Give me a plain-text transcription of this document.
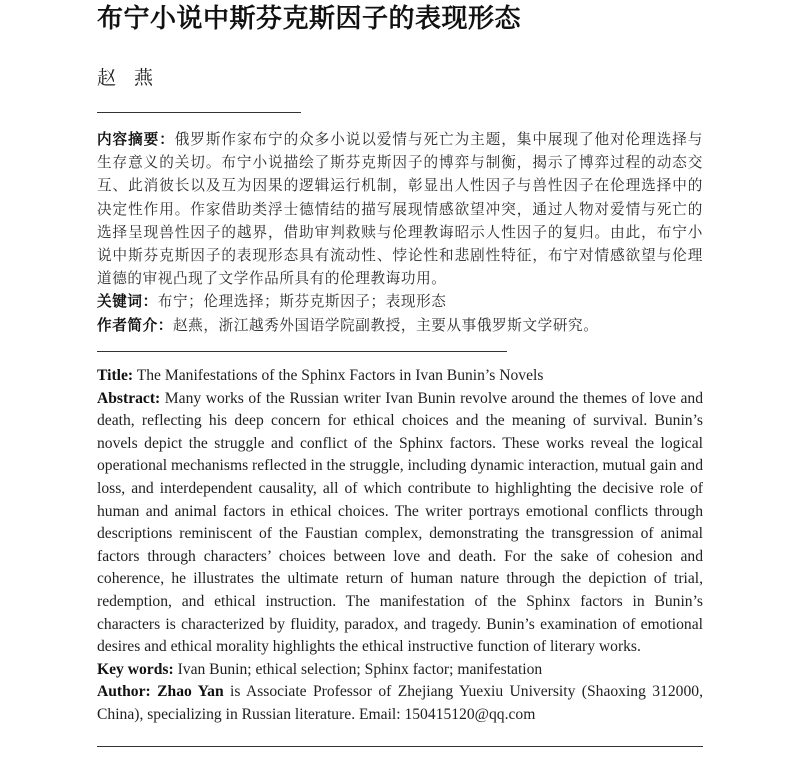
布宁小说中斯芬克斯因子的表现形态
赵燕

内容摘要：俄罗斯作家布宁的众多小说以爱情与死亡为主题，集中展现了他对伦理选择与生存意义的关切。布宁小说描绘了斯芬克斯因子的博弈与制衡，揭示了博弈过程的动态交互、此消彼长以及互为因果的逻辑运行机制，彰显出人性因子与兽性因子在伦理选择中的决定性作用。作家借助类浮士德情结的描写展现情感欲望冲突，通过人物对爱情与死亡的选择呈现兽性因子的越界，借助审判救赎与伦理教诲昭示人性因子的复归。由此，布宁小说中斯芬克斯因子的表现形态具有流动性、悖论性和悲剧性特征，布宁对情感欲望与伦理道德的审视凸现了文学作品所具有的伦理教诲功用。

关键词：布宁；伦理选择；斯芬克斯因子；表现形态

作者简介：赵燕，浙江越秀外国语学院副教授，主要从事俄罗斯文学研究。

Title: The Manifestations of the Sphinx Factors in Ivan Bunin’s Novels

Abstract: Many works of the Russian writer Ivan Bunin revolve around the themes of love and death, reflecting his deep concern for ethical choices and the meaning of survival. Bunin’s novels depict the struggle and conflict of the Sphinx factors. These works reveal the logical operational mechanisms reflected in the struggle, including dynamic interaction, mutual gain and loss, and interdependent causality, all of which contribute to highlighting the decisive role of human and animal factors in ethical choices. The writer portrays emotional conflicts through descriptions reminiscent of the Faustian complex, demonstrating the transgression of animal factors through characters’ choices between love and death. For the sake of cohesion and coherence, he illustrates the ultimate return of human nature through the depiction of trial, redemption, and ethical instruction. The manifestation of the Sphinx factors in Bunin’s characters is characterized by fluidity, paradox, and tragedy. Bunin’s examination of emotional desires and ethical morality highlights the ethical instructive function of literary works.

Key words: Ivan Bunin; ethical selection; Sphinx factor; manifestation

Author: Zhao Yan is Associate Professor of Zhejiang Yuexiu University (Shaoxing 312000, China), specializing in Russian literature. Email: 150415120@qq.com
